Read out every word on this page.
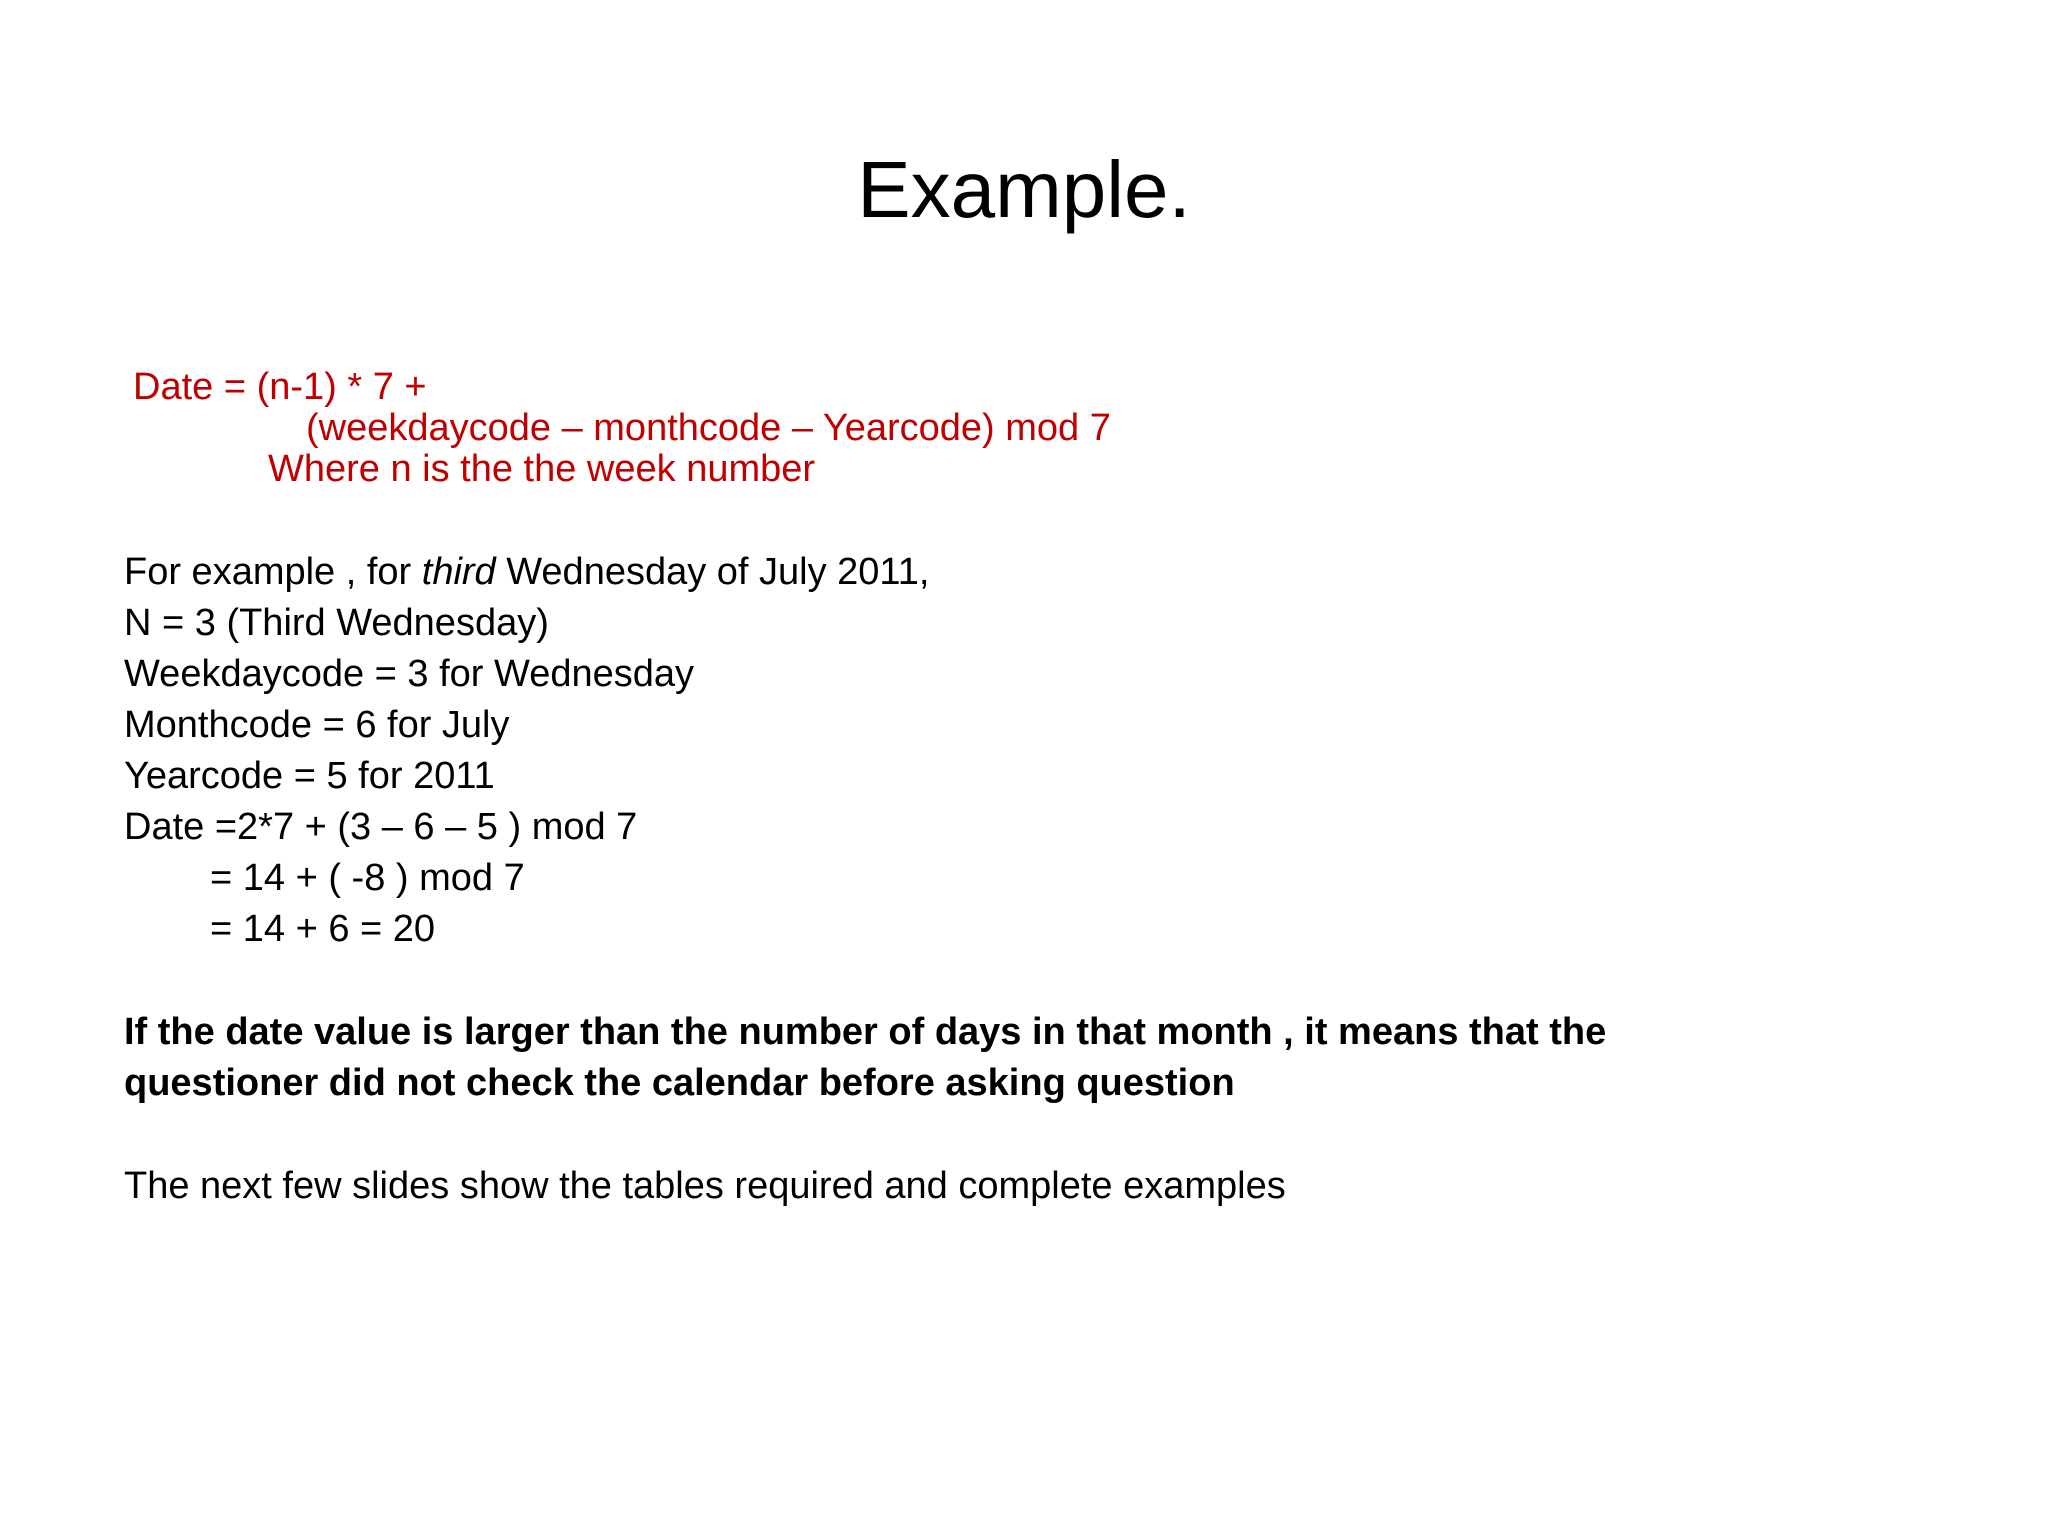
Example.
Date = (n-1) * 7 +
(weekdaycode – monthcode – Yearcode) mod 7
Where n is the the week number
For example , for third Wednesday of July 2011,
N = 3 (Third Wednesday)
Weekdaycode = 3 for Wednesday
Monthcode = 6 for July
Yearcode = 5 for 2011
Date =2*7 + (3 – 6 – 5 ) mod 7
= 14 + ( -8 ) mod 7
= 14 + 6 = 20
If the date value is larger than the number of days in that month , it means that the
questioner did not check the calendar before asking question
The next few slides show the tables required and complete examples
